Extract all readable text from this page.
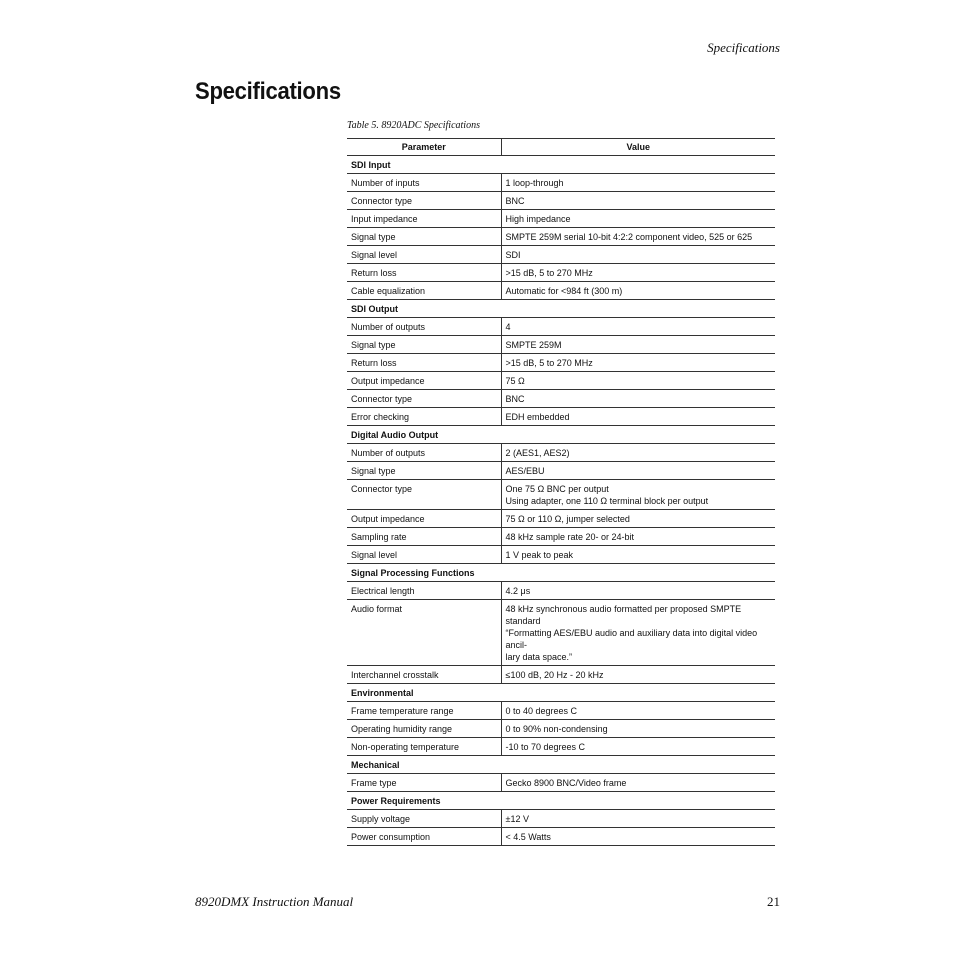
Specifications
Specifications
Table 5. 8920ADC Specifications
Parameter	Value
SDI Input	
Number of inputs	1 loop-through

Connector type	BNC

Input impedance	High impedance

Signal type	SMPTE 259M serial 10-bit 4:2:2 component video, 525 or 625

Signal level	SDI

Return loss	>15 dB, 5 to 270 MHz

Cable equalization	Automatic for <984 ft (300 m)

SDI Output	
Number of outputs	4

Signal type	SMPTE 259M

Return loss	>15 dB, 5 to 270 MHz

Output impedance	75 Ω

Connector type	BNC

Error checking	EDH embedded

Digital Audio Output	
Number of outputs	2 (AES1, AES2)

Signal type	AES/EBU

Connector type	One 75 Ω BNC per output
Using adapter, one 110 Ω terminal block per output

Output impedance	75 Ω or 110 Ω, jumper selected

Sampling rate	48 kHz sample rate 20- or 24-bit

Signal level	1 V peak to peak

Signal Processing Functions	
Electrical length	4.2 μs

Audio format	48 kHz synchronous audio formatted per proposed SMPTE standard
“Formatting AES/EBU audio and auxiliary data into digital video ancil-
lary data space.”

Interchannel crosstalk	≤100 dB, 20 Hz - 20 kHz

Environmental	
Frame temperature range	0 to 40 degrees C

Operating humidity range	0 to 90% non-condensing

Non-operating temperature	-10 to 70 degrees C

Mechanical	
Frame type	Gecko 8900 BNC/Video frame

Power Requirements	
Supply voltage	±12 V

Power consumption	< 4.5 Watts
8920DMX Instruction Manual	21
